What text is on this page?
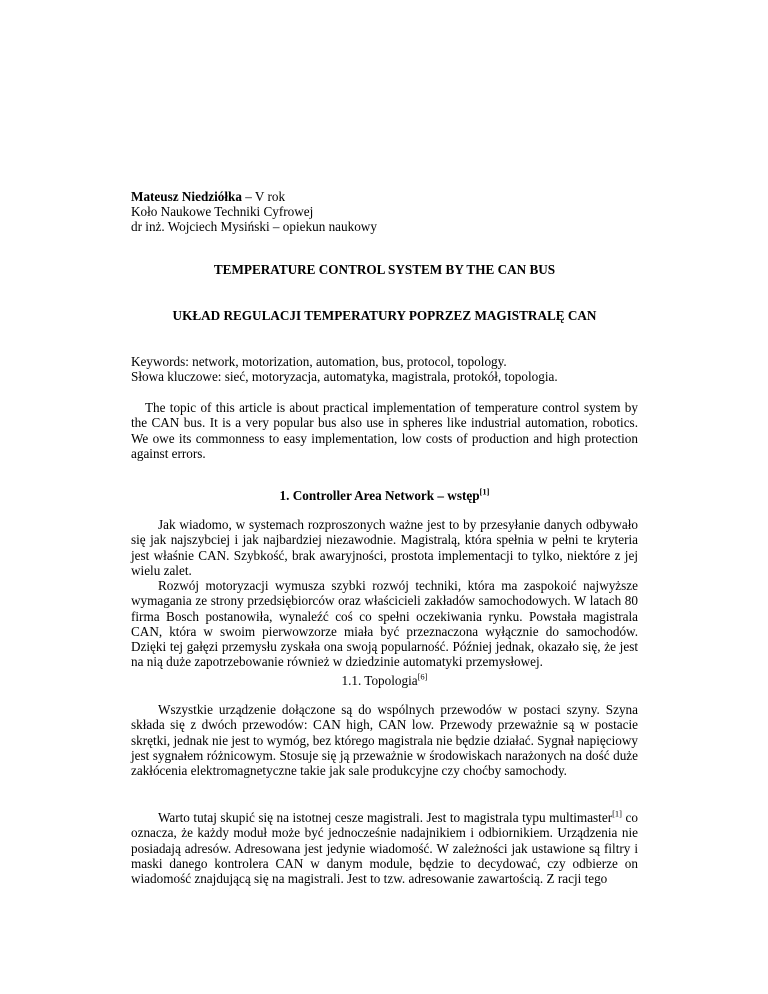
Mateusz Niedziółka – V rok
Koło Naukowe Techniki Cyfrowej
dr inż. Wojciech Mysiński – opiekun naukowy
TEMPERATURE CONTROL SYSTEM BY THE CAN BUS
UKŁAD REGULACJI TEMPERATURY POPRZEZ MAGISTRALĘ CAN
Keywords: network, motorization, automation, bus, protocol, topology.
Słowa kluczowe: sieć, motoryzacja, automatyka, magistrala, protokół, topologia.

The topic of this article is about practical implementation of temperature control system by the CAN bus. It is a very popular bus also use in spheres like industrial automation, robotics. We owe its commonness to easy implementation, low costs of production and high protection against errors.

1. Controller Area Network – wstęp[1]

Jak wiadomo, w systemach rozproszonych ważne jest to by przesyłanie danych odbywało się jak najszybciej i jak najbardziej niezawodnie. Magistralą, która spełnia w pełni te kryteria jest właśnie CAN. Szybkość, brak awaryjności, prostota implementacji to tylko, niektóre z jej wielu zalet.

Rozwój motoryzacji wymusza szybki rozwój techniki, która ma zaspokoić najwyższe wymagania ze strony przedsiębiorców oraz właścicieli zakładów samochodowych. W latach 80 firma Bosch postanowiła, wynaleźć coś co spełni oczekiwania rynku. Powstała magistrala CAN, która w swoim pierwowzorze miała być przeznaczona wyłącznie do samochodów. Dzięki tej gałęzi przemysłu zyskała ona swoją popularność. Później jednak, okazało się, że jest na nią duże zapotrzebowanie również w dziedzinie automatyki przemysłowej.

1.1. Topologia[6]

Wszystkie urządzenie dołączone są do wspólnych przewodów w postaci szyny. Szyna składa się z dwóch przewodów: CAN high, CAN low. Przewody przeważnie są w postacie skrętki, jednak nie jest to wymóg, bez którego magistrala nie będzie działać. Sygnał napięciowy jest sygnałem różnicowym. Stosuje się ją przeważnie w środowiskach narażonych na dość duże zakłócenia elektromagnetyczne takie jak sale produkcyjne czy choćby samochody.

Warto tutaj skupić się na istotnej cesze magistrali. Jest to magistrala typu multimaster[1] co oznacza, że każdy moduł może być jednocześnie nadajnikiem i odbiornikiem. Urządzenia nie posiadają adresów. Adresowana jest jedynie wiadomość. W zależności jak ustawione są filtry i maski danego kontrolera CAN w danym module, będzie to decydować, czy odbierze on wiadomość znajdującą się na magistrali. Jest to tzw. adresowanie zawartością. Z racji tego
